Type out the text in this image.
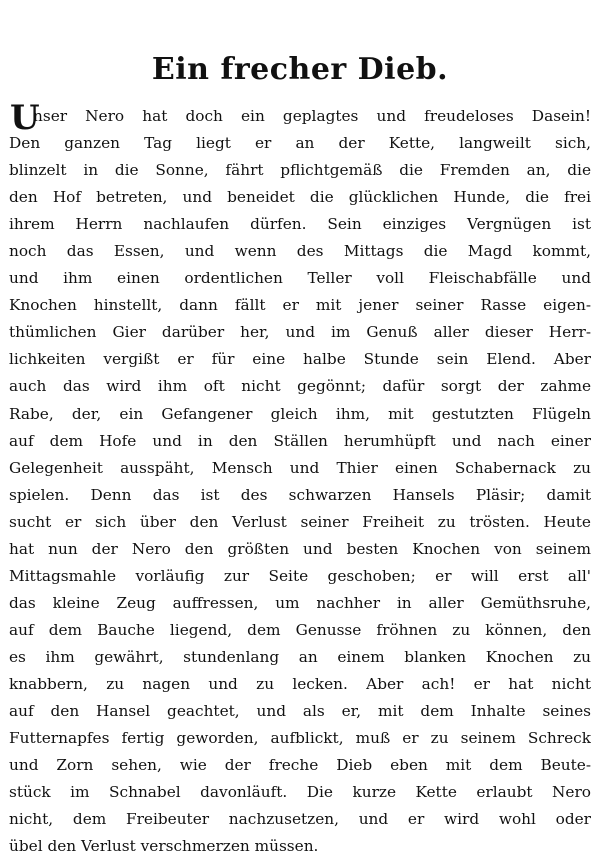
Ein frecher Dieb.
U
nser Nero hat doch ein geplagtes und freudeloses Dasein!
Den ganzen Tag liegt er an der Kette, langweilt sich,
blinzelt in die Sonne, fährt pflichtgemäß die Fremden an, die
den Hof betreten, und beneidet die glücklichen Hunde, die frei
ihrem Herrn nachlaufen dürfen. Sein einziges Vergnügen ist
noch das Essen, und wenn des Mittags die Magd kommt,
und ihm einen ordentlichen Teller voll Fleischabfälle und
Knochen hinstellt, dann fällt er mit jener seiner Rasse eigen-
thümlichen Gier darüber her, und im Genuß aller dieser Herr-
lichkeiten vergißt er für eine halbe Stunde sein Elend. Aber
auch das wird ihm oft nicht gegönnt; dafür sorgt der zahme
Rabe, der, ein Gefangener gleich ihm, mit gestutzten Flügeln
auf dem Hofe und in den Ställen herumhüpft und nach einer
Gelegenheit ausspäht, Mensch und Thier einen Schabernack zu
spielen. Denn das ist des schwarzen Hansels Pläsir; damit
sucht er sich über den Verlust seiner Freiheit zu trösten. Heute
hat nun der Nero den größten und besten Knochen von seinem
Mittagsmahle vorläufig zur Seite geschoben; er will erst all'
das kleine Zeug auffressen, um nachher in aller Gemüthsruhe,
auf dem Bauche liegend, dem Genusse fröhnen zu können, den
es ihm gewährt, stundenlang an einem blanken Knochen zu
knabbern, zu nagen und zu lecken. Aber ach! er hat nicht
auf den Hansel geachtet, und als er, mit dem Inhalte seines
Futternapfes fertig geworden, aufblickt, muß er zu seinem Schreck
und Zorn sehen, wie der freche Dieb eben mit dem Beute-
stück im Schnabel davonläuft. Die kurze Kette erlaubt Nero
nicht, dem Freibeuter nachzusetzen, und er wird wohl oder
übel den Verlust verschmerzen müssen.
